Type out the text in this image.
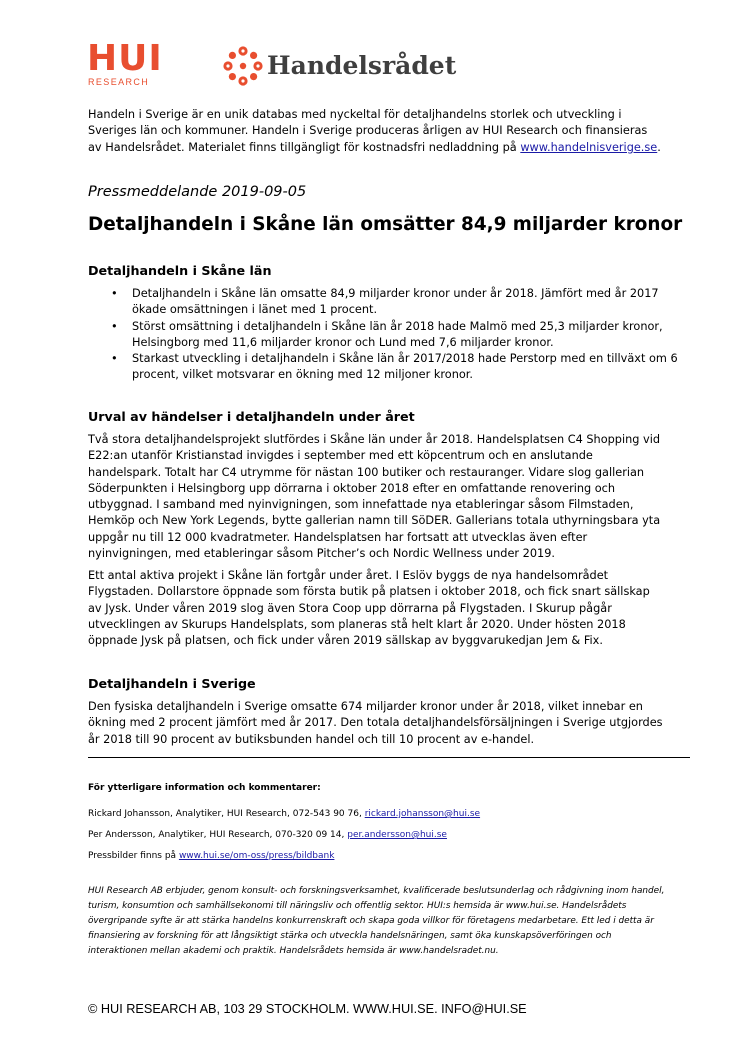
HUI
RESEARCH
Handelsrådet
Handeln i Sverige är en unik databas med nyckeltal för detaljhandelns storlek och utveckling i Sveriges län och kommuner. Handeln i Sverige produceras årligen av HUI Research och finansieras av Handelsrådet. Materialet finns tillgängligt för kostnadsfri nedladdning på www.handelnisverige.se.
Pressmeddelande 2019-09-05
Detaljhandeln i Skåne län omsätter 84,9 miljarder kronor
Detaljhandeln i Skåne län
• Detaljhandeln i Skåne län omsatte 84,9 miljarder kronor under år 2018. Jämfört med år 2017 ökade omsättningen i länet med 1 procent.
• Störst omsättning i detaljhandeln i Skåne län år 2018 hade Malmö med 25,3 miljarder kronor, Helsingborg med 11,6 miljarder kronor och Lund med 7,6 miljarder kronor.
• Starkast utveckling i detaljhandeln i Skåne län år 2017/2018 hade Perstorp med en tillväxt om 6 procent, vilket motsvarar en ökning med 12 miljoner kronor.
Urval av händelser i detaljhandeln under året
Två stora detaljhandelsprojekt slutfördes i Skåne län under år 2018. Handelsplatsen C4 Shopping vid E22:an utanför Kristianstad invigdes i september med ett köpcentrum och en anslutande handelspark. Totalt har C4 utrymme för nästan 100 butiker och restauranger. Vidare slog gallerian Söderpunkten i Helsingborg upp dörrarna i oktober 2018 efter en omfattande renovering och utbyggnad. I samband med nyinvigningen, som innefattade nya etableringar såsom Filmstaden, Hemköp och New York Legends, bytte gallerian namn till SöDER. Gallerians totala uthyrningsbara yta uppgår nu till 12 000 kvadratmeter. Handelsplatsen har fortsatt att utvecklas även efter nyinvigningen, med etableringar såsom Pitcher’s och Nordic Wellness under 2019.
Ett antal aktiva projekt i Skåne län fortgår under året. I Eslöv byggs de nya handelsområdet Flygstaden. Dollarstore öppnade som första butik på platsen i oktober 2018, och fick snart sällskap av Jysk. Under våren 2019 slog även Stora Coop upp dörrarna på Flygstaden. I Skurup pågår utvecklingen av Skurups Handelsplats, som planeras stå helt klart år 2020. Under hösten 2018 öppnade Jysk på platsen, och fick under våren 2019 sällskap av byggvarukedjan Jem & Fix.
Detaljhandeln i Sverige
Den fysiska detaljhandeln i Sverige omsatte 674 miljarder kronor under år 2018, vilket innebar en ökning med 2 procent jämfört med år 2017. Den totala detaljhandelsförsäljningen i Sverige utgjordes år 2018 till 90 procent av butiksbunden handel och till 10 procent av e-handel.
För ytterligare information och kommentarer:
Rickard Johansson, Analytiker, HUI Research, 072-543 90 76, rickard.johansson@hui.se
Per Andersson, Analytiker, HUI Research, 070-320 09 14, per.andersson@hui.se
Pressbilder finns på www.hui.se/om-oss/press/bildbank
HUI Research AB erbjuder, genom konsult- och forskningsverksamhet, kvalificerade beslutsunderlag och rådgivning inom handel, turism, konsumtion och samhällsekonomi till näringsliv och offentlig sektor. HUI:s hemsida är www.hui.se. Handelsrådets övergripande syfte är att stärka handelns konkurrenskraft och skapa goda villkor för företagens medarbetare. Ett led i detta är finansiering av forskning för att långsiktigt stärka och utveckla handelsnäringen, samt öka kunskapsöverföringen och interaktionen mellan akademi och praktik. Handelsrådets hemsida är www.handelsradet.nu.
© HUI RESEARCH AB, 103 29 STOCKHOLM. WWW.HUI.SE. INFO@HUI.SE
